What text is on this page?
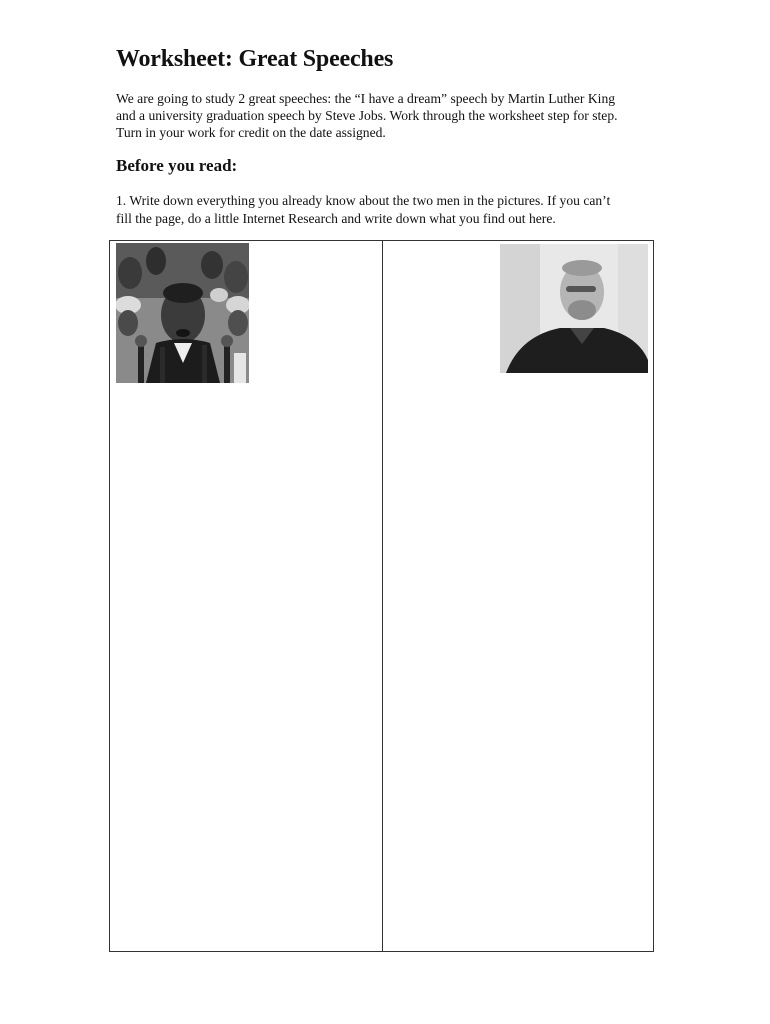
Worksheet: Great Speeches

We are going to study 2 great speeches: the “I have a dream” speech by Martin Luther King
and a university graduation speech by Steve Jobs. Work through the worksheet step for step.
Turn in your work for credit on the date assigned.

Before you read:

1. Write down everything you already know about the two men in the pictures. If you can’t
fill the page, do a little Internet Research and write down what you find out here.
